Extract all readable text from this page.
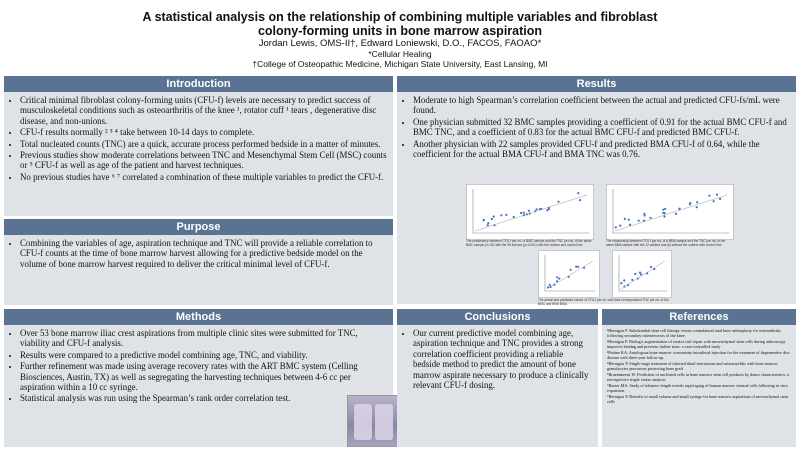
A statistical analysis on the relationship of combining multiple variables and fibroblast
colony-forming units in bone marrow aspiration
Jordan Lewis, OMS-II†, Edward Loniewski, D.O., FACOS, FAOAO*
*Cellular Healing
†College of Osteopathic Medicine, Michigan State University, East Lansing, MI
Introduction
• Critical minimal fibroblast colony-forming units (CFU-f) levels are necessary to predict success of musculoskeletal conditions such as osteoarthritis of the knee ¹, rotator cuff ¹ tears , degenerative disc disease, and non-unions.
• CFU-f results normally ² ³ ⁴ take between 10-14 days to complete.
• Total nucleated counts (TNC) are a quick, accurate process performed bedside in a matter of minutes.
• Previous studies show moderate correlations between TNC and Mesenchymal Stem Cell (MSC) counts or ⁵ CFU-f as well as age of the patient and harvest techniques.
• No previous studies have ⁶ ⁷ correlated a combination of these multiple variables to predict the CFU-f.
Purpose
• Combining the variables of age, aspiration technique and TNC will provide a reliable correlation to CFU-f counts at the time of bone marrow harvest allowing for a predictive bedside model on the volume of bone marrow harvest required to deliver the critical minimal level of CFU-f.
Methods
• Over 53 bone marrow iliac crest aspirations from multiple clinic sites were submitted for TNC, viability and CFU-f analysis.
• Results were compared to a predictive model combining age, TNC, and viability.
• Further refinement was made using average recovery rates with the ART BMC system (Celling Biosciences, Austin, TX) as well as segregating the harvesting techniques between 4-6 cc per aspiration within a 10 cc syringe.
• Statistical analysis was run using the Spearman’s rank order correlation test.
Results
• Moderate to high Spearman’s correlation coefficient between the actual and predicted CFU-fs/mL were found.
• One physician submitted 32 BMC samples providing a coefficient of 0.91 for the actual BMC CFU-f and BMC TNC, and a coefficient of 0.83 for the actual BMC CFU-f and predicted BMC CFU-f.
• Another physician with 22 samples provided CFU-f and predicted BMA CFU-f of 0.64, while the coefficient for the actual BMA CFU-f and BMA TNC was 0.76.
The relationship between CFU-f per mL of BMC sample and the TNC per mL of the same BMC sample (n=32) with the 95 authors (p<0.001) with the outliers and control line.
The relationship between CFU-f per mL of a BMA sample and the TNC per mL of the same BMA sample with the 22 outliers and (b) without the outliers with control line.
The actual and predicted values of CFU-f per mL with their correspondent TNC per mL of the BMC and BMA BMA.
Conclusions
• Our current predictive model combining age, aspiration technique and TNC provides a strong correlation coefficient providing a reliable bedside method to predict the amount of bone marrow aspirate necessary to produce a clinically relevant CFU-f dosing.
References
¹Hernigou P. Subchondral stem cell therapy versus contralateral total knee arthroplasty for osteoarthritis following secondary osteonecrosis of the knee.
²Hernigou P. Biologic augmentation of rotator cuff repair with mesenchymal stem cells during arthroscopy improves healing and prevents further tears: a case-controlled study
³Pettine KA. Autologous bone marrow concentrate intradiscal injection for the treatment of degenerative disc disease with three-year follow-up.
⁴Hernigou P. Single-stage treatment of infected tibial non-unions and osteomyelitis with bone marrow granulocytes precursors protecting bone graft
⁵Bruemmerstr W. Prediction of nucleated cells in bone marrow stem cell products by donor characteristics: a retrospective single center analysis
⁶Baxter MA. Study of telomere length reveals rapid aging of human marrow stromal cells following in vitro expansion.
⁷Hernigou P. Benefits of small volume and small syringe for bone marrow aspirations of mesenchymal stem cells
